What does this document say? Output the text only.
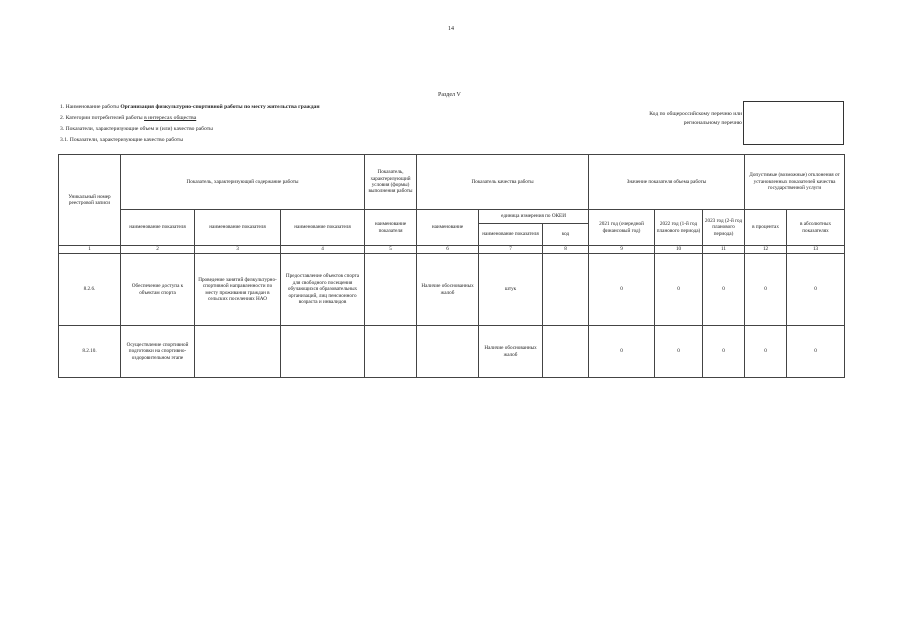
14
Раздел V
1. Наименование работы Организация физкультурно-спортивной работы по месту жительства граждан
2. Категории потребителей работы в интересах общества
3. Показатели, характеризующие объем и (или) качество работы
3.1. Показатели, характеризующие качество работы
Код по общероссийскому перечню или региональному перечню
Уникальный номер реестровой записи	Показатель, характеризующий содержание работы			Показатель, характеризующий условия (формы) выполнения работы	Показатель качества работы			Значение показателя объема работы			Допустимые (возможные) отклонения от установленных показателей качества государственной услуги	
	наименование показателя	наименование показателя	наименование показателя	наименование показателя	наименование	единица измерения по ОКЕИ		2021 год (очередной финансовый год)	2022 год (1-й год планового периода)	2023 год (2-й год планового периода)	в процентах	в абсолютных показателях
						наименование показателя	код					
1	2	3	4	5	6	7	8	9	10	11	12	13
8.2.6.	Обеспечение доступа к объектам спорта	Проведение занятий физкультурно-спортивной направленности по месту проживания граждан в сельских поселениях НАО	Предоставление объектов спорта для свободного посещения обучающихся образовательных организаций, лиц пенсионного возраста и инвалидов		Наличие обоснованных жалоб	штук		0	0	0	0	0
8.2.10.	Осуществление спортивной подготовки на спортивно-оздоровительном этапе					Наличие обоснованных жалоб		0	0	0	0	0
